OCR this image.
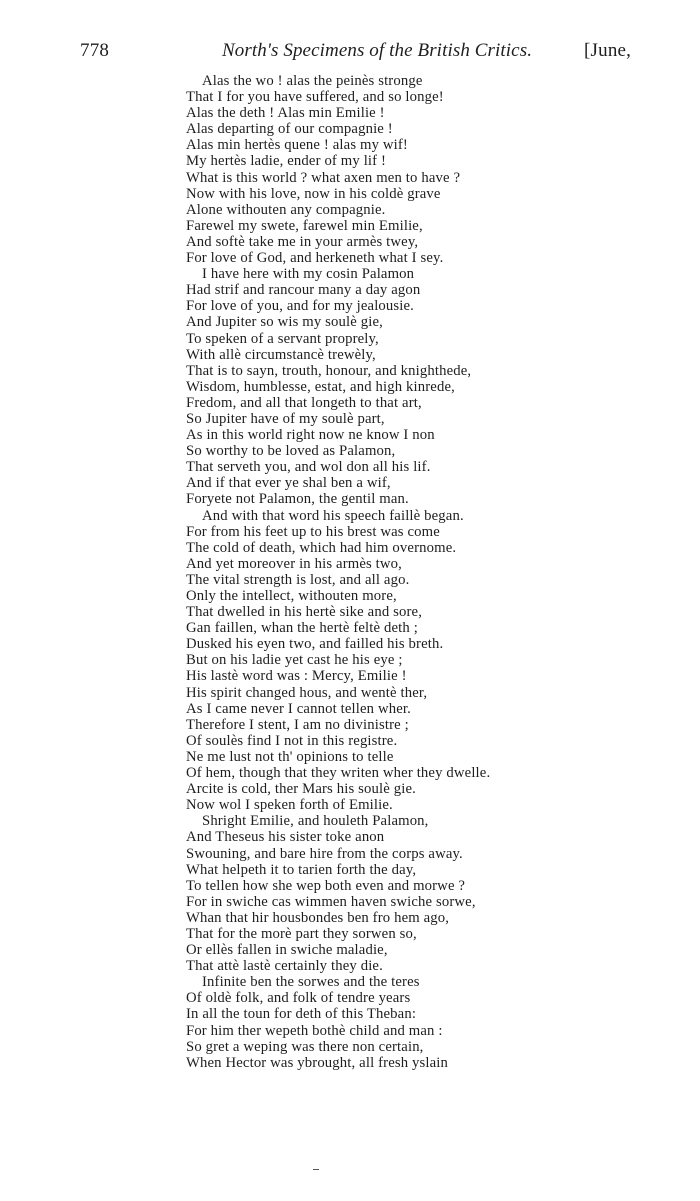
778	North's Specimens of the British Critics.	[June,
Alas the wo ! alas the peinès stronge
That I for you have suffered, and so longe!
Alas the deth ! Alas min Emilie !
Alas departing of our compagnie !
Alas min hertès quene ! alas my wif!
My hertès ladie, ender of my lif !
What is this world ? what axen men to have ?
Now with his love, now in his coldè grave
Alone withouten any compagnie.
Farewel my swete, farewel min Emilie,
And softè take me in your armès twey,
For love of God, and herkeneth what I sey.
I have here with my cosin Palamon
Had strif and rancour many a day agon
For love of you, and for my jealousie.
And Jupiter so wis my soulè gie,
To speken of a servant proprely,
With allè circumstancè trewèly,
That is to sayn, trouth, honour, and knighthede,
Wisdom, humblesse, estat, and high kinrede,
Fredom, and all that longeth to that art,
So Jupiter have of my soulè part,
As in this world right now ne know I non
So worthy to be loved as Palamon,
That serveth you, and wol don all his lif.
And if that ever ye shal ben a wif,
Foryete not Palamon, the gentil man.
And with that word his speech faillè began.
For from his feet up to his brest was come
The cold of death, which had him overnome.
And yet moreover in his armès two,
The vital strength is lost, and all ago.
Only the intellect, withouten more,
That dwelled in his hertè sike and sore,
Gan faillen, whan the hertè feltè deth ;
Dusked his eyen two, and failled his breth.
But on his ladie yet cast he his eye ;
His lastè word was : Mercy, Emilie !
His spirit changed hous, and wentè ther,
As I came never I cannot tellen wher.
Therefore I stent, I am no divinistre ;
Of soulès find I not in this registre.
Ne me lust not th' opinions to telle
Of hem, though that they writen wher they dwelle.
Arcite is cold, ther Mars his soulè gie.
Now wol I speken forth of Emilie.
Shright Emilie, and houleth Palamon,
And Theseus his sister toke anon
Swouning, and bare hire from the corps away.
What helpeth it to tarien forth the day,
To tellen how she wep both even and morwe ?
For in swiche cas wimmen haven swiche sorwe,
Whan that hir housbondes ben fro hem ago,
That for the morè part they sorwen so,
Or ellès fallen in swiche maladie,
That attè lastè certainly they die.
Infinite ben the sorwes and the teres
Of oldè folk, and folk of tendre years
In all the toun for deth of this Theban:
For him ther wepeth bothè child and man :
So gret a weping was there non certain,
When Hector was ybrought, all fresh yslain
